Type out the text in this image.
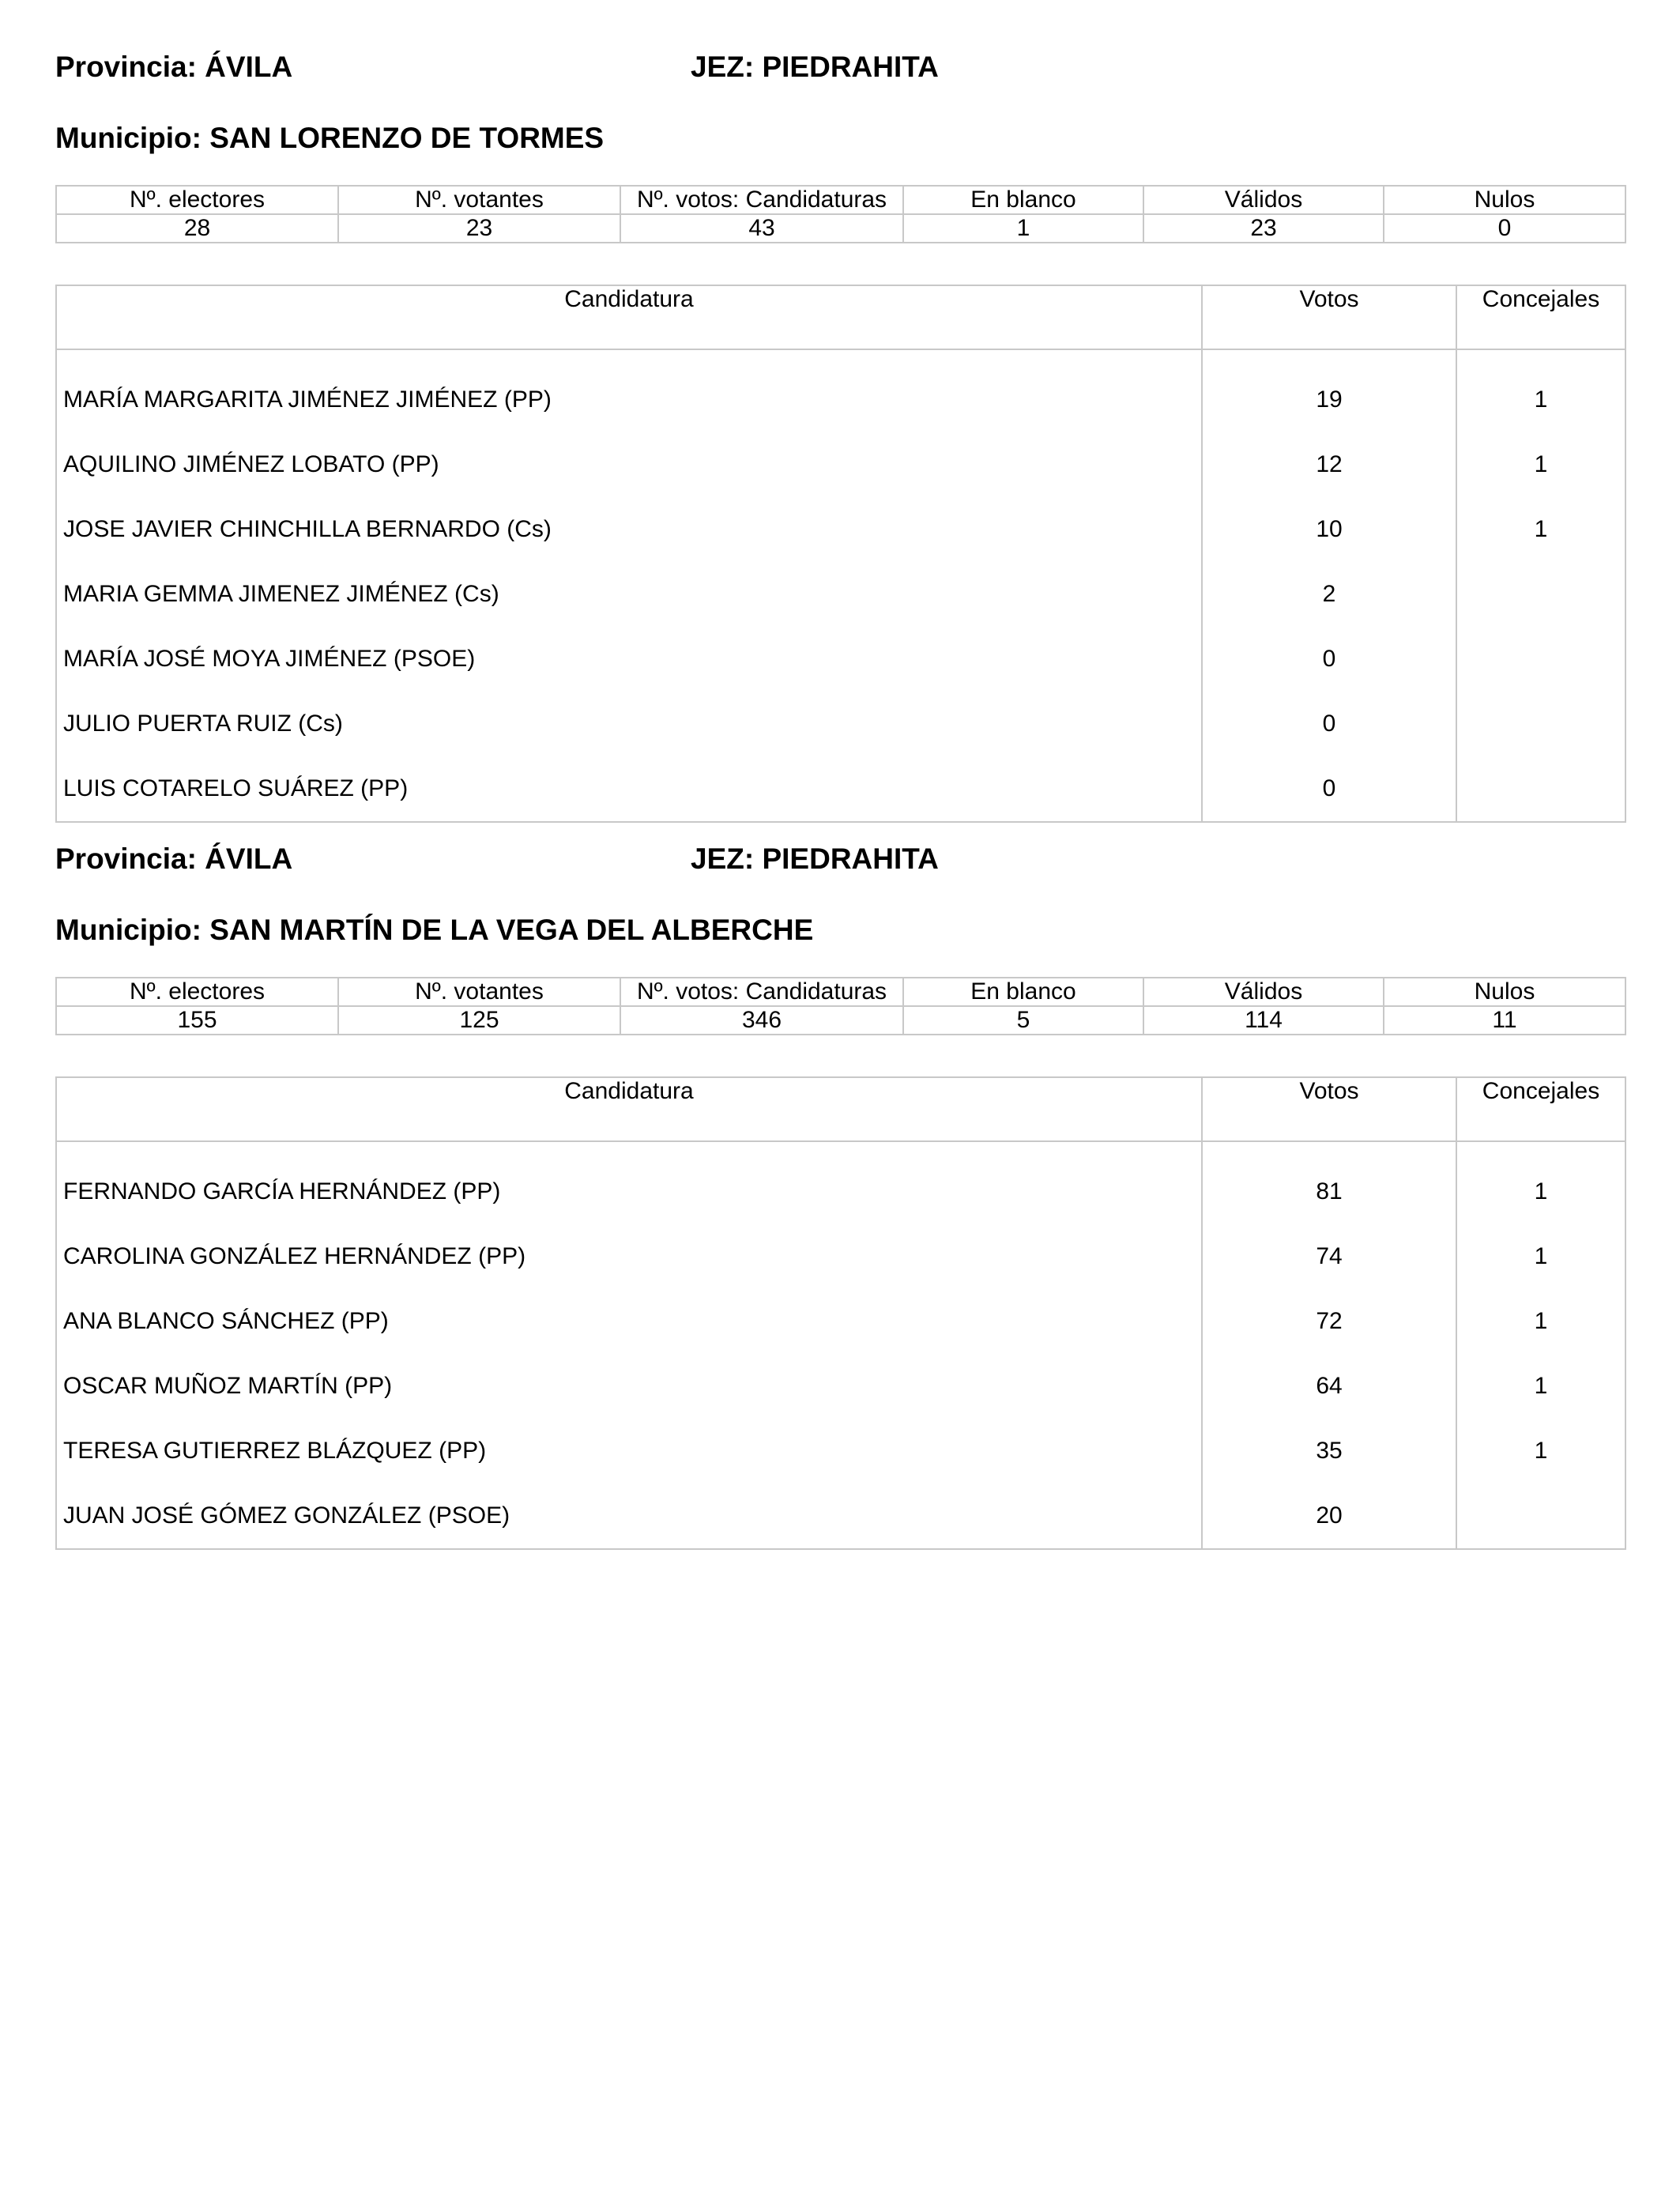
Provincia: ÁVILA	JEZ: PIEDRAHITA
Municipio: SAN LORENZO DE TORMES
Nº. electores	Nº. votantes	Nº. votos: Candidaturas	En blanco	Válidos	Nulos
28	23	43	1	23	0
Candidatura	Votos	Concejales
MARÍA MARGARITA JIMÉNEZ JIMÉNEZ (PP)	19	1
AQUILINO JIMÉNEZ LOBATO (PP)	12	1
JOSE JAVIER CHINCHILLA BERNARDO (Cs)	10	1
MARIA GEMMA JIMENEZ JIMÉNEZ (Cs)	2	
MARÍA JOSÉ MOYA JIMÉNEZ (PSOE)	0	
JULIO PUERTA RUIZ (Cs)	0	
LUIS COTARELO SUÁREZ (PP)	0	
Provincia: ÁVILA	JEZ: PIEDRAHITA
Municipio: SAN MARTÍN DE LA VEGA DEL ALBERCHE
Nº. electores	Nº. votantes	Nº. votos: Candidaturas	En blanco	Válidos	Nulos
155	125	346	5	114	11
Candidatura	Votos	Concejales
FERNANDO GARCÍA HERNÁNDEZ (PP)	81	1
CAROLINA GONZÁLEZ HERNÁNDEZ (PP)	74	1
ANA BLANCO SÁNCHEZ (PP)	72	1
OSCAR MUÑOZ MARTÍN (PP)	64	1
TERESA GUTIERREZ BLÁZQUEZ (PP)	35	1
JUAN JOSÉ GÓMEZ GONZÁLEZ (PSOE)	20	
